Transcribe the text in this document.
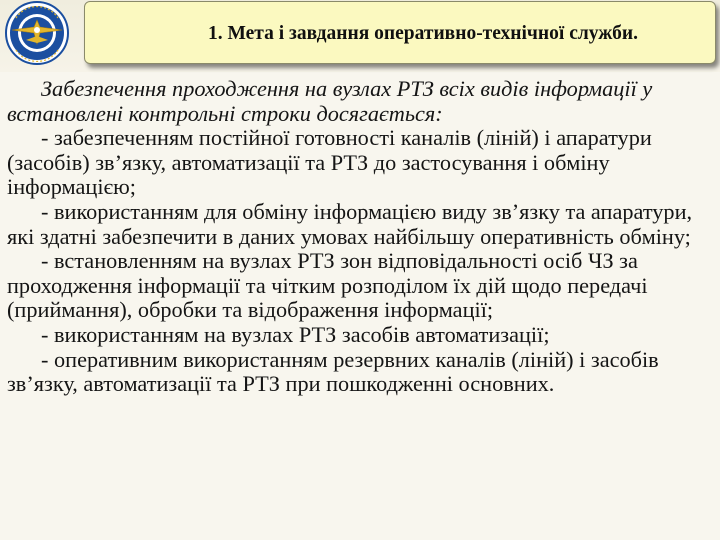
1. Мета і завдання оперативно-технічної служби.

Забезпечення проходження на вузлах РТЗ всіх видів інформації у встановлені контрольні строки досягається:

- забезпеченням постійної готовності каналів (ліній) і апаратури (засобів) зв’язку, автоматизації та РТЗ до застосування і обміну інформацією;

- використанням для обміну інформацією виду зв’язку та апаратури, які здатні забезпечити в даних умовах найбільшу оперативність обміну;

- встановленням на вузлах РТЗ зон відповідальності осіб ЧЗ за проходження інформації та чітким розподілом їх дій щодо передачі (приймання), обробки та відображення інформації;

- використанням на вузлах РТЗ засобів автоматизації;

- оперативним використанням резервних каналів (ліній) і засобів зв’язку, автоматизації та РТЗ при пошкодженні основних.
